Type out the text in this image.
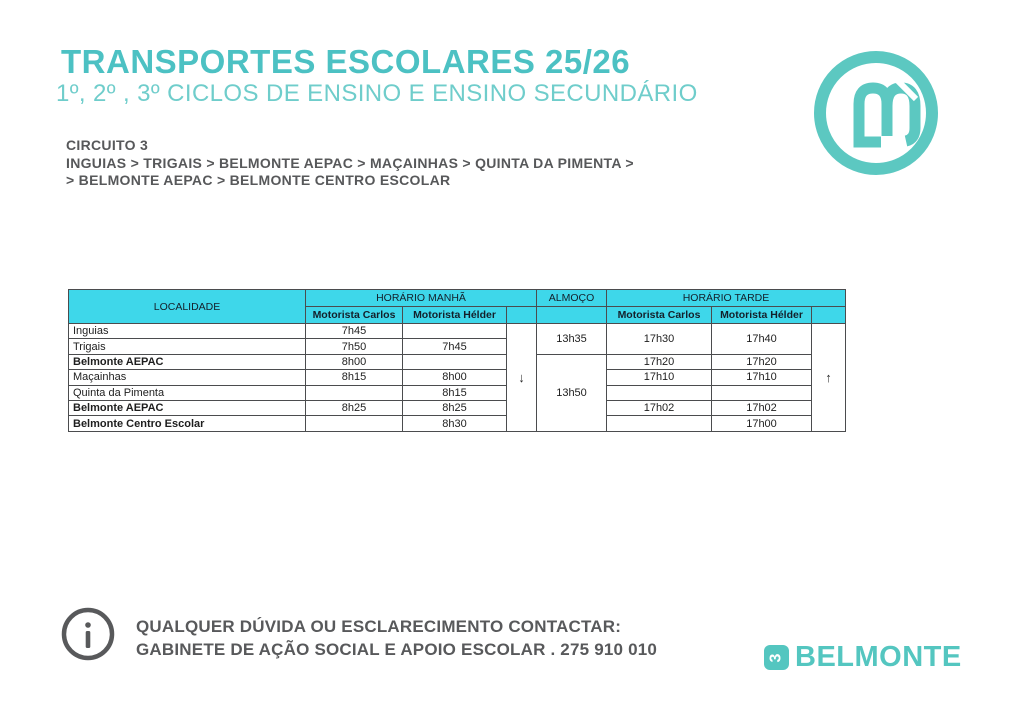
TRANSPORTES ESCOLARES 25/26
1º, 2º , 3º CICLOS DE ENSINO E ENSINO SECUNDÁRIO
CIRCUITO 3
INGUIAS > TRIGAIS > BELMONTE AEPAC > MAÇAINHAS > QUINTA DA PIMENTA >
> BELMONTE AEPAC > BELMONTE CENTRO ESCOLAR
LOCALIDADE	HORÁRIO MANHÃ			ALMOÇO	HORÁRIO TARDE		
	Motorista Carlos	Motorista Hélder			Motorista Carlos	Motorista Hélder	
Inguias	7h45		↓	13h35	17h30	17h40	↑
Trigais	7h50	7h45					
Belmonte AEPAC	8h00			13h50	17h20	17h20	
Maçainhas	8h15	8h00			17h10	17h10	
Quinta da Pimenta		8h15					
Belmonte AEPAC	8h25	8h25			17h02	17h02	
Belmonte Centro Escolar		8h30				17h00	
QUALQUER DÚVIDA OU ESCLARECIMENTO CONTACTAR:
GABINETE DE AÇÃO SOCIAL E APOIO ESCOLAR . 275 910 010	3 BELMONTE
